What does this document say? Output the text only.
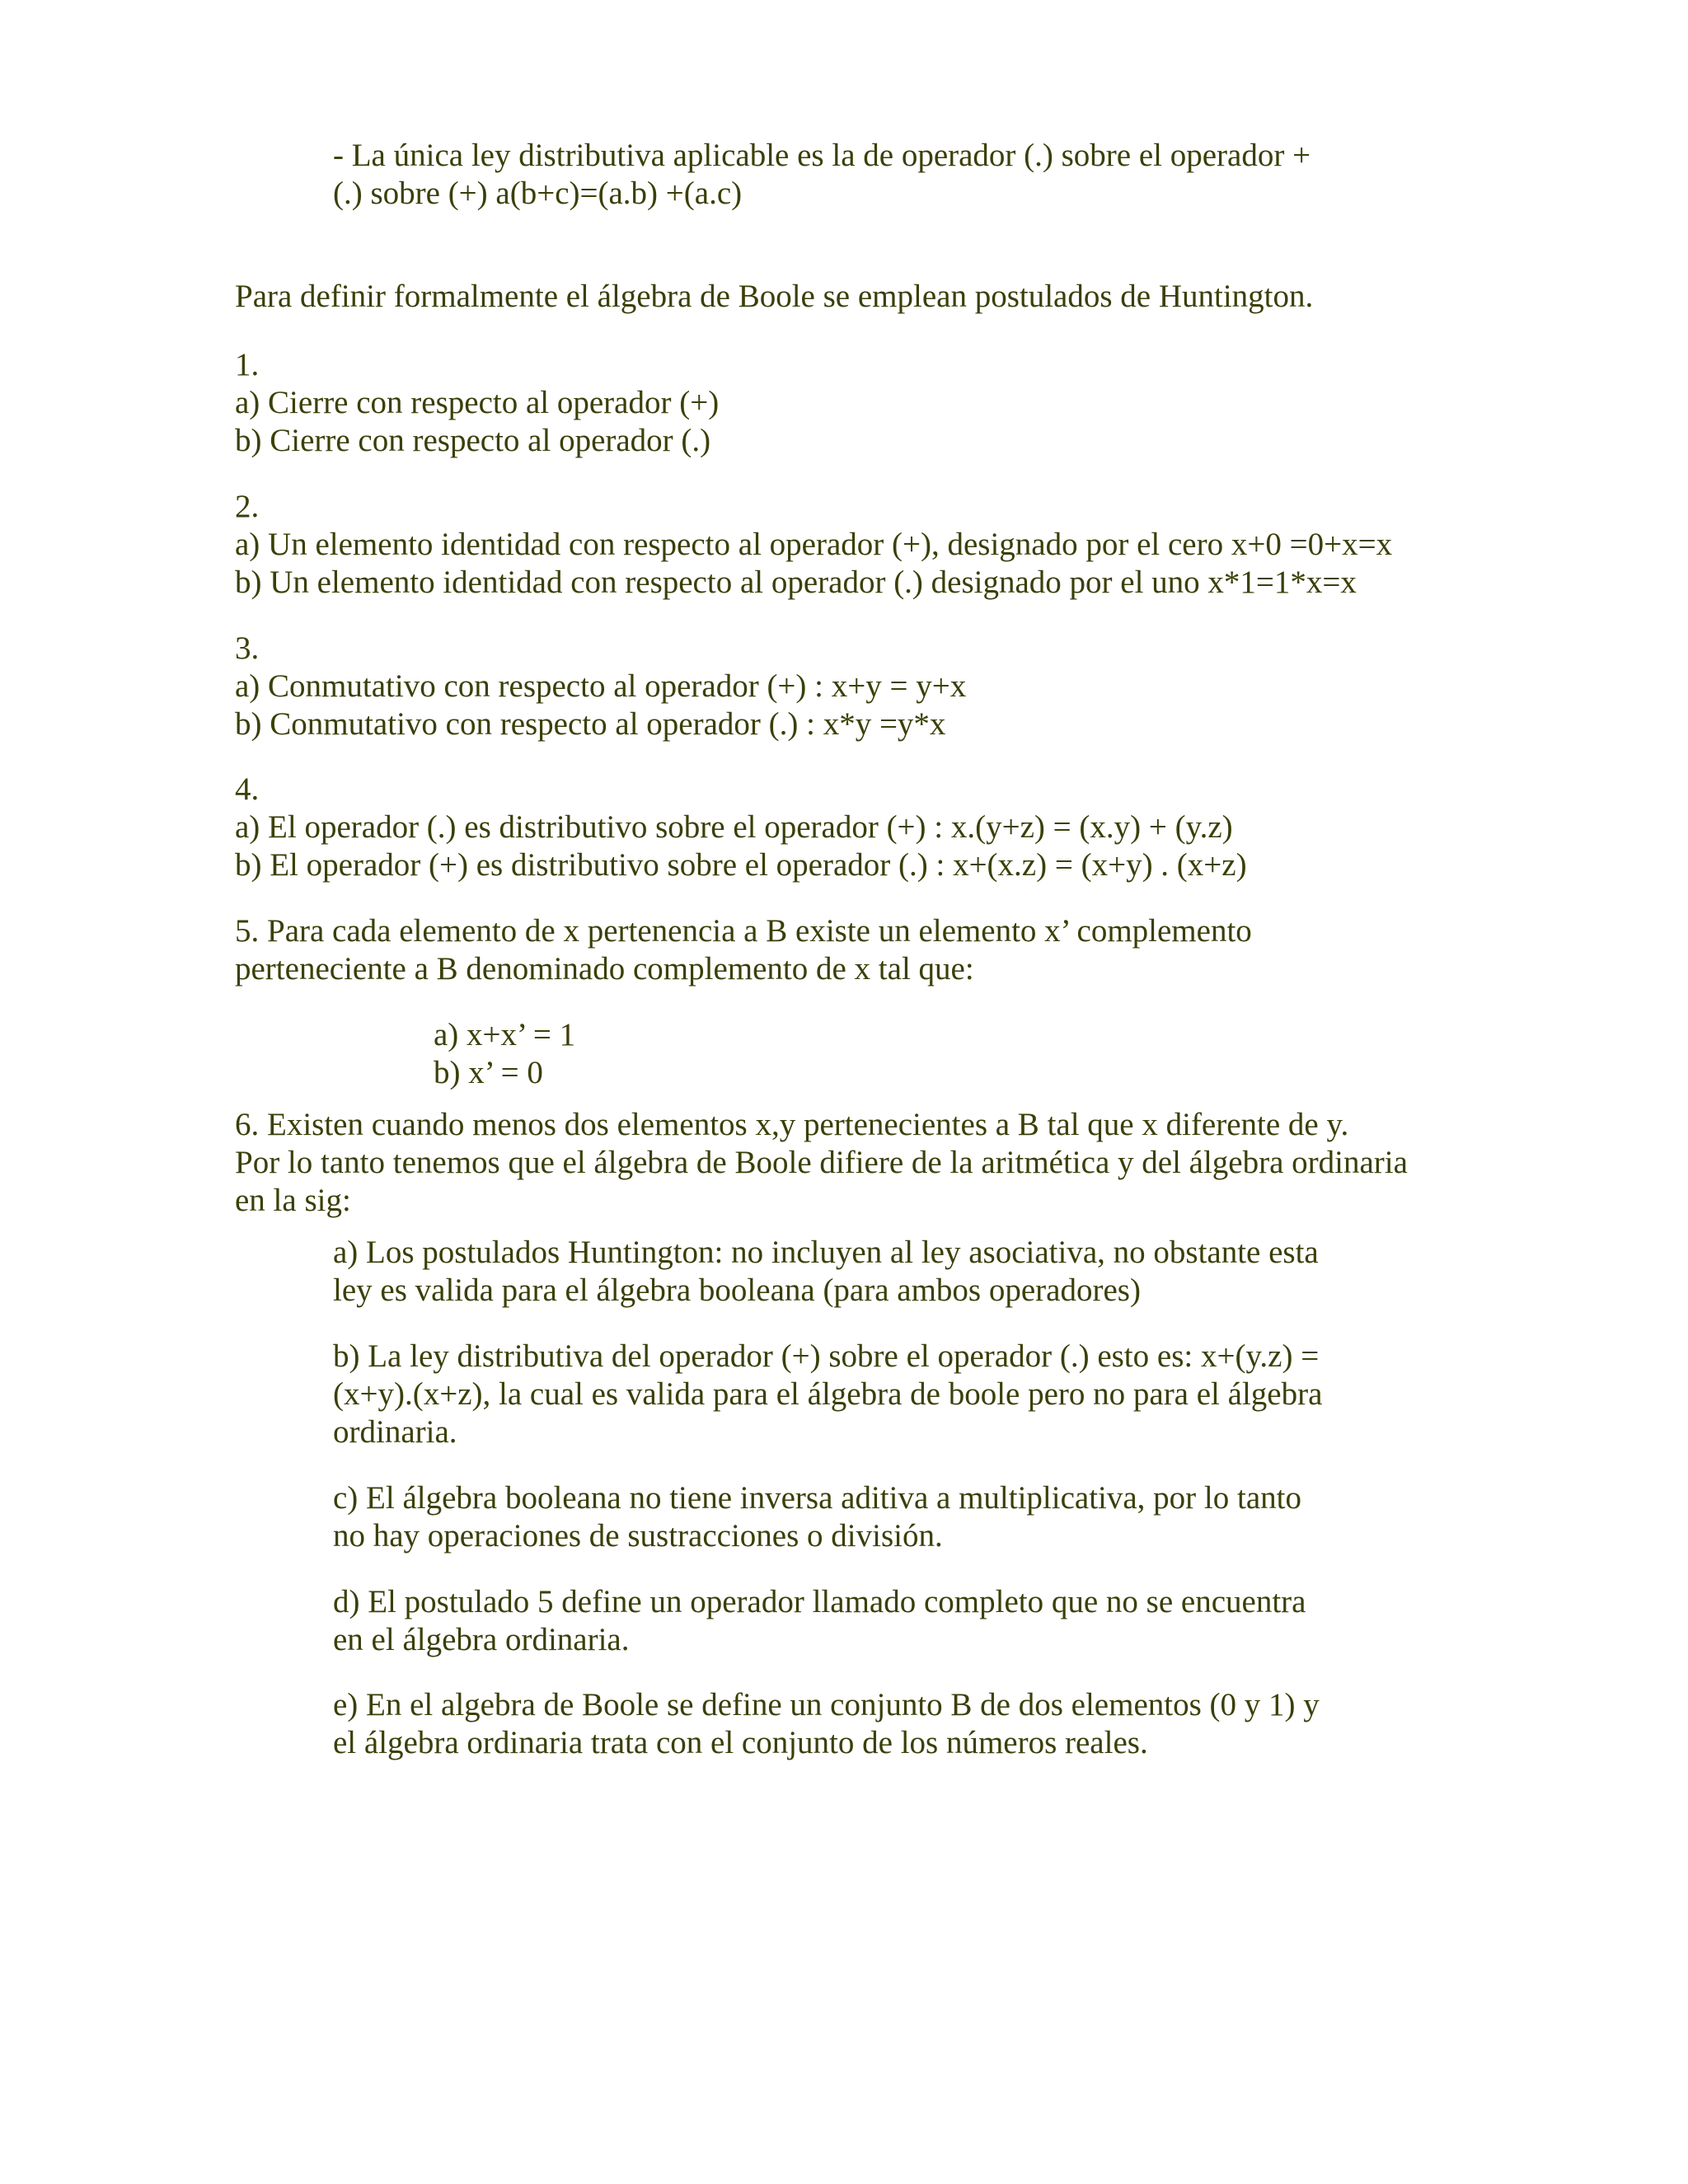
- La única ley distributiva aplicable es la de operador (.) sobre el operador +
(.) sobre (+) a(b+c)=(a.b) +(a.c)
Para definir formalmente el álgebra de Boole se emplean postulados de Huntington.
1.
a) Cierre con respecto al operador (+)
b) Cierre con respecto al operador (.)
2.
a) Un elemento identidad con respecto al operador (+), designado por el cero x+0 =0+x=x
b) Un elemento identidad con respecto al operador (.) designado por el uno x*1=1*x=x
3.
a) Conmutativo con respecto al operador (+) : x+y = y+x
b) Conmutativo con respecto al operador (.) : x*y =y*x
4.
a) El operador (.) es distributivo sobre el operador (+) : x.(y+z) = (x.y) + (y.z)
b) El operador (+) es distributivo sobre el operador (.) : x+(x.z) = (x+y) . (x+z)
5. Para cada elemento de x pertenencia a B existe un elemento x’ complemento
perteneciente a B denominado complemento de x tal que:
a) x+x’ = 1
b) x’ = 0
6. Existen cuando menos dos elementos x,y pertenecientes a B tal que x diferente de y.
Por lo tanto tenemos que el álgebra de Boole difiere de la aritmética y del álgebra ordinaria
en la sig:
a) Los postulados Huntington: no incluyen al ley asociativa, no obstante esta
ley es valida para el álgebra booleana (para ambos operadores)
b) La ley distributiva del operador (+) sobre el operador (.) esto es: x+(y.z) =
(x+y).(x+z), la cual es valida para el álgebra de boole pero no para el álgebra
ordinaria.
c) El álgebra booleana no tiene inversa aditiva a multiplicativa, por lo tanto
no hay operaciones de sustracciones o división.
d) El postulado 5 define un operador llamado completo que no se encuentra
en el álgebra ordinaria.
e) En el algebra de Boole se define un conjunto B de dos elementos (0 y 1) y
el álgebra ordinaria trata con el conjunto de los números reales.
